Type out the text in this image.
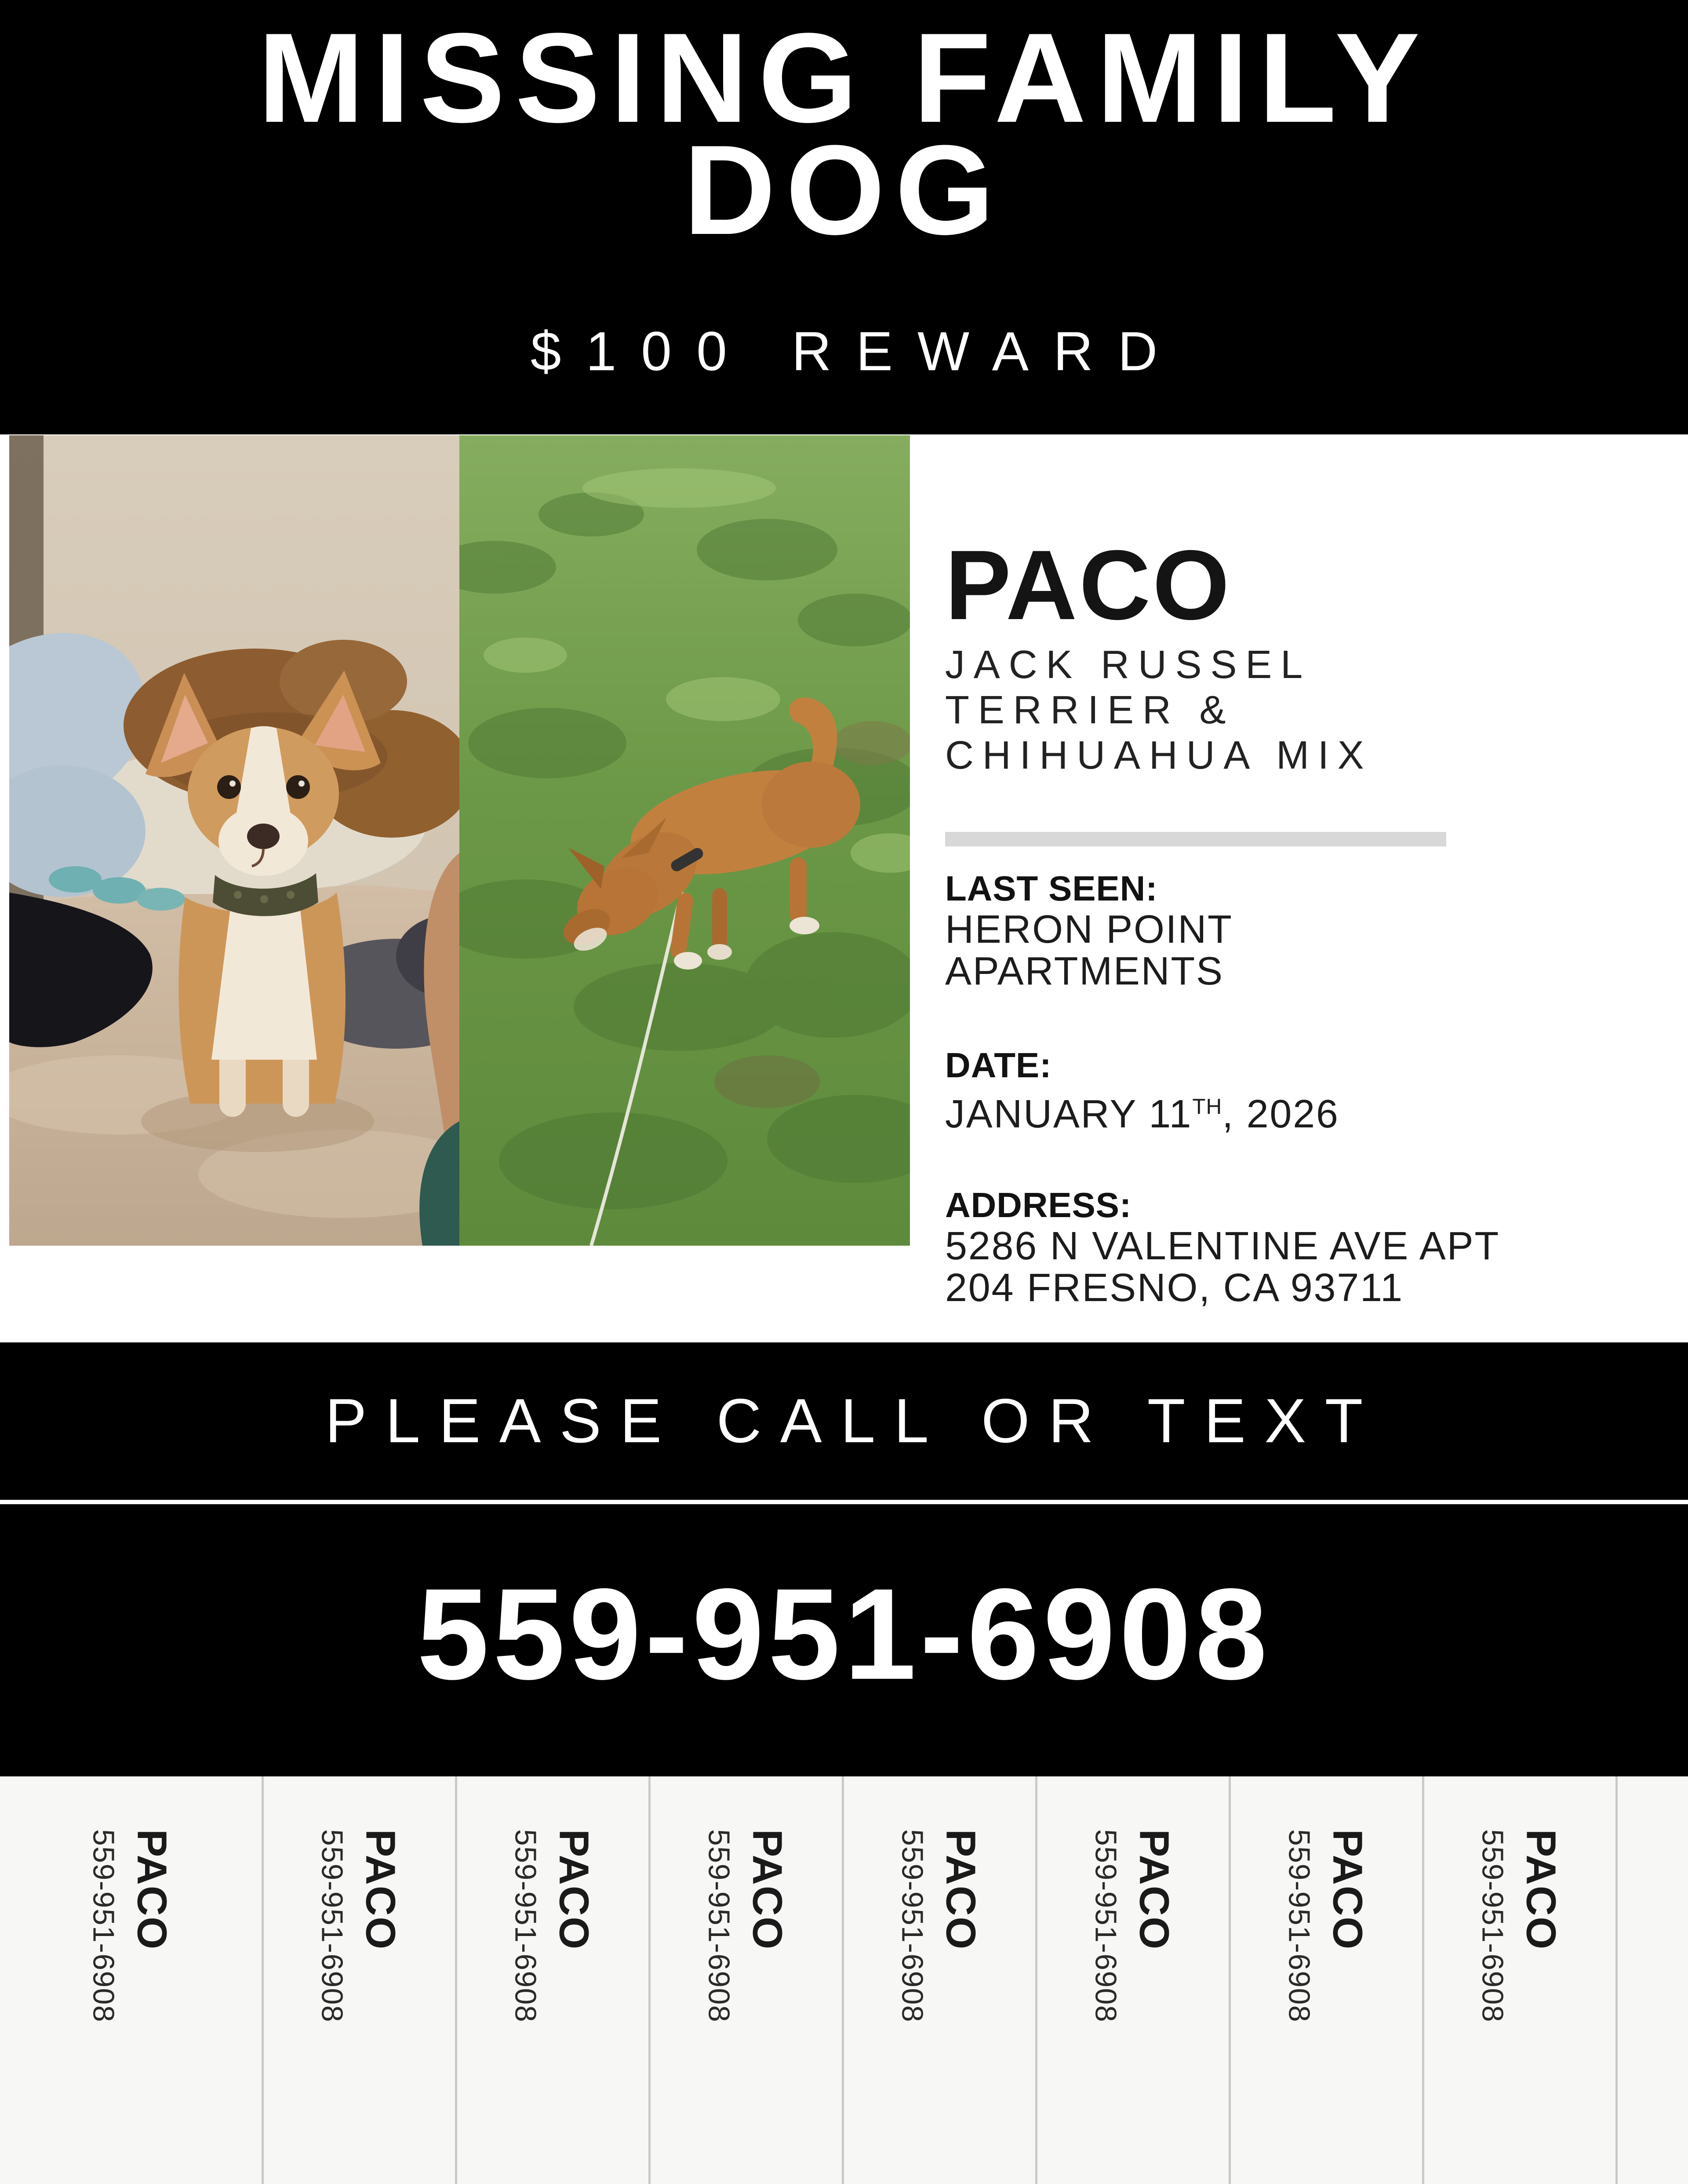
MISSING FAMILY
DOG
$100 REWARD
PACO
JACK RUSSEL
TERRIER &
CHIHUAHUA MIX
LAST SEEN:
HERON POINT
APARTMENTS
DATE:
JANUARY 11TH, 2026
ADDRESS:
5286 N VALENTINE AVE APT
204 FRESNO, CA 93711
PLEASE CALL OR TEXT
559-951-6908
PACO
559-951-6908	PACO
559-951-6908	PACO
559-951-6908	PACO
559-951-6908	PACO
559-951-6908	PACO
559-951-6908	PACO
559-951-6908	PACO
559-951-6908
